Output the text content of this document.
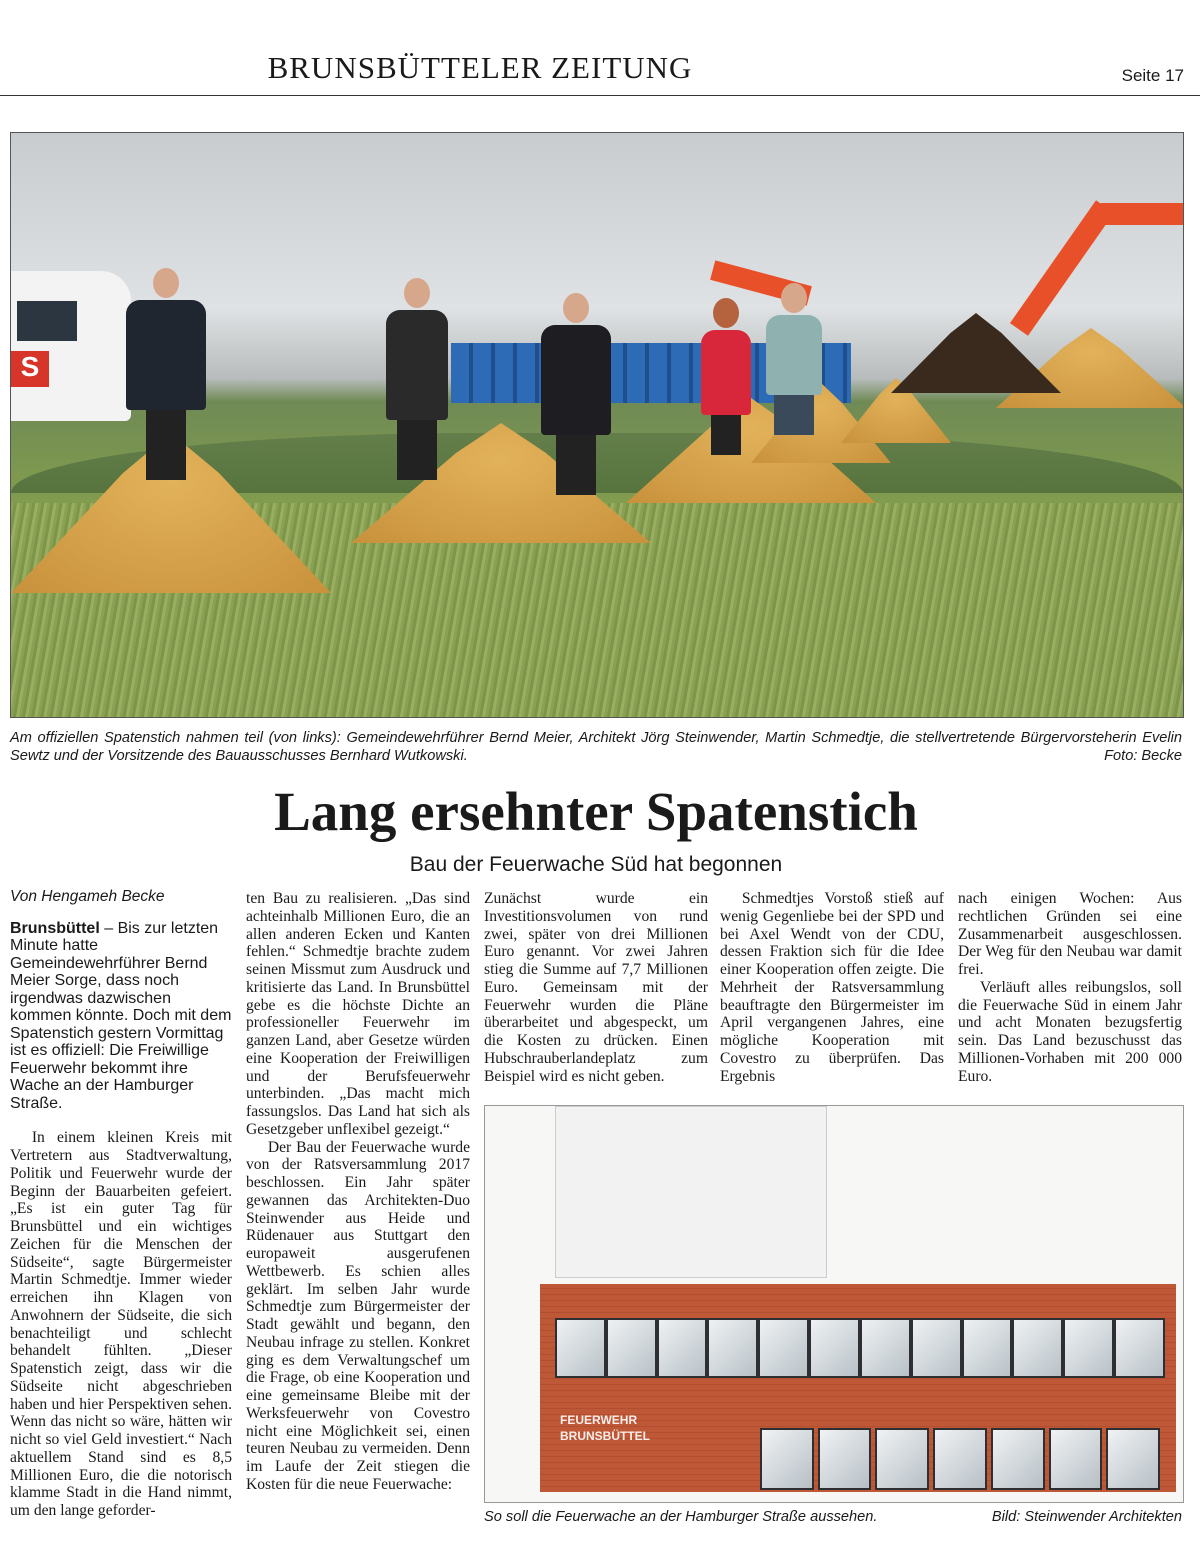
BRUNSBÜTTELER ZEITUNG	Seite 17
S
Am offiziellen Spatenstich nahmen teil (von links): Gemeindewehrführer Bernd Meier, Architekt Jörg Steinwender, Martin Schmedtje, die stellvertretende Bürgervorsteherin Evelin Sewtz und der Vorsitzende des Bauausschusses Bernhard Wutkowski.	Foto: Becke
Lang ersehnter Spatenstich
Bau der Feuerwache Süd hat begonnen
Von Hengameh Becke
Brunsbüttel – Bis zur letzten Minute hatte Gemeindewehrführer Bernd Meier Sorge, dass noch irgendwas dazwischen kommen könnte. Doch mit dem Spatenstich gestern Vormittag ist es offiziell: Die Freiwillige Feuerwehr bekommt ihre Wache an der Hamburger Straße.

In einem kleinen Kreis mit Vertretern aus Stadtverwaltung, Politik und Feuerwehr wurde der Beginn der Bauarbeiten gefeiert. „Es ist ein guter Tag für Brunsbüttel und ein wichtiges Zeichen für die Menschen der Südseite“, sagte Bürgermeister Martin Schmedtje. Immer wieder erreichen ihn Klagen von Anwohnern der Südseite, die sich benachteiligt und schlecht behandelt fühlten. „Dieser Spatenstich zeigt, dass wir die Südseite nicht abgeschrieben haben und hier Perspektiven sehen. Wenn das nicht so wäre, hätten wir nicht so viel Geld investiert.“ Nach aktuellem Stand sind es 8,5 Millionen Euro, die die notorisch klamme Stadt in die Hand nimmt, um den lange geforder-

ten Bau zu realisieren. „Das sind achteinhalb Millionen Euro, die an allen anderen Ecken und Kanten fehlen.“ Schmedtje brachte zudem seinen Missmut zum Ausdruck und kritisierte das Land. In Brunsbüttel gebe es die höchste Dichte an professioneller Feuerwehr im ganzen Land, aber Gesetze würden eine Kooperation der Freiwilligen und der Berufsfeuerwehr unterbinden. „Das macht mich fassungslos. Das Land hat sich als Gesetzgeber unflexibel gezeigt.“

Der Bau der Feuerwache wurde von der Ratsversammlung 2017 beschlossen. Ein Jahr später gewannen das Architekten-Duo Steinwender aus Heide und Rüdenauer aus Stuttgart den europaweit ausgerufenen Wettbewerb. Es schien alles geklärt. Im selben Jahr wurde Schmedtje zum Bürgermeister der Stadt gewählt und begann, den Neubau infrage zu stellen. Konkret ging es dem Verwaltungschef um die Frage, ob eine Kooperation und eine gemeinsame Bleibe mit der Werksfeuerwehr von Covestro nicht eine Möglichkeit sei, einen teuren Neubau zu vermeiden. Denn im Laufe der Zeit stiegen die Kosten für die neue Feuerwache:

Zunächst wurde ein Investitionsvolumen von rund zwei, später von drei Millionen Euro genannt. Vor zwei Jahren stieg die Summe auf 7,7 Millionen Euro. Gemeinsam mit der Feuerwehr wurden die Pläne überarbeitet und abgespeckt, um die Kosten zu drücken. Einen Hubschrauberlandeplatz zum Beispiel wird es nicht geben.

Schmedtjes Vorstoß stieß auf wenig Gegenliebe bei der SPD und bei Axel Wendt von der CDU, dessen Fraktion sich für die Idee einer Kooperation offen zeigte. Die Mehrheit der Ratsversammlung beauftragte den Bürgermeister im April vergangenen Jahres, eine mögliche Kooperation mit Covestro zu überprüfen. Das Ergebnis

nach einigen Wochen: Aus rechtlichen Gründen sei eine Zusammenarbeit ausgeschlossen. Der Weg für den Neubau war damit frei.

Verläuft alles reibungslos, soll die Feuerwache Süd in einem Jahr und acht Monaten bezugsfertig sein. Das Land bezuschusst das Millionen-Vorhaben mit 200 000 Euro.

FEUERWEHR
BRUNSBÜTTEL
So soll die Feuerwache an der Hamburger Straße aussehen.	Bild: Steinwender Architekten
